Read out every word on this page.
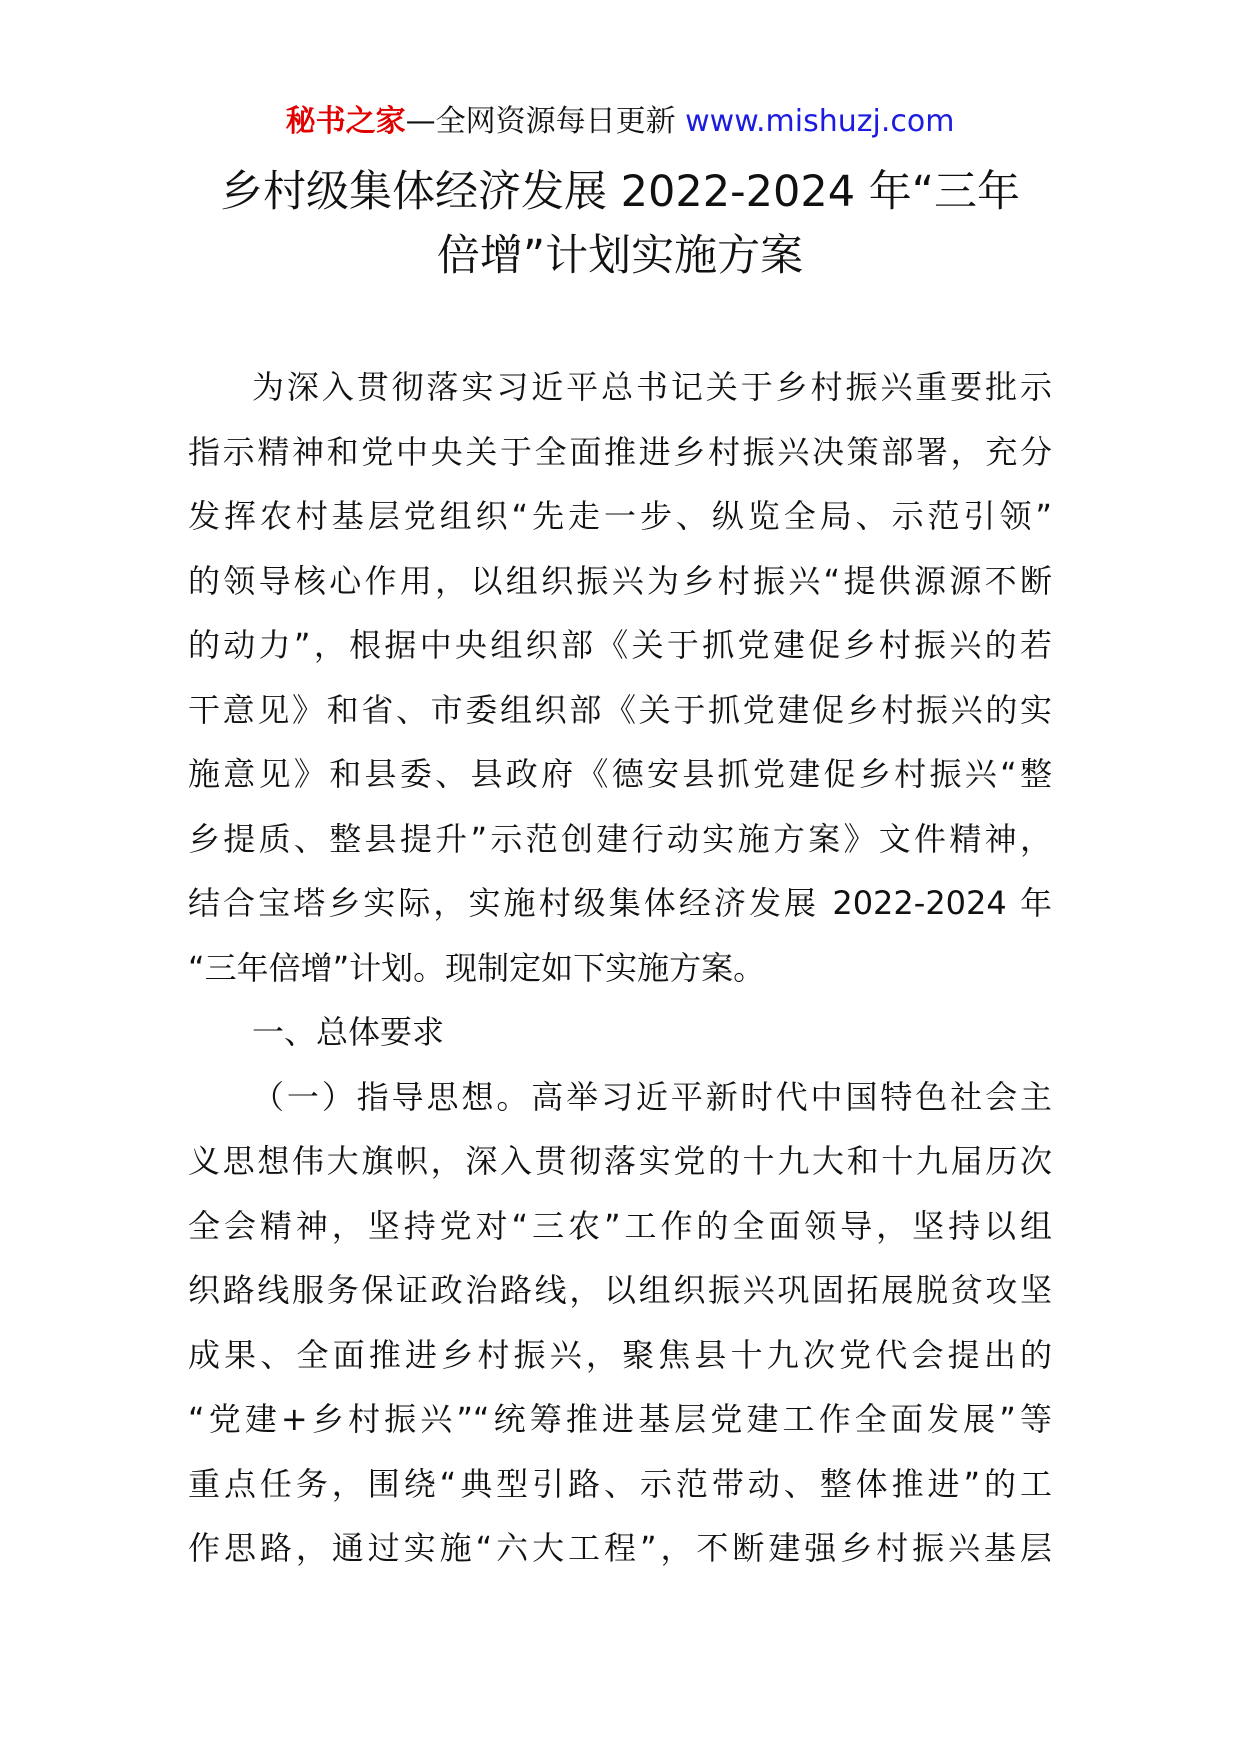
秘书之家—全网资源每日更新 www.mishuzj.com
乡村级集体经济发展 2022-2024 年“三年
倍增”计划实施方案
为深入贯彻落实习近平总书记关于乡村振兴重要批示
指示精神和党中央关于全面推进乡村振兴决策部署，充分
发挥农村基层党组织“先走一步、纵览全局、示范引领”
的领导核心作用，以组织振兴为乡村振兴“提供源源不断
的动力”，根据中央组织部《关于抓党建促乡村振兴的若
干意见》和省、市委组织部《关于抓党建促乡村振兴的实
施意见》和县委、县政府《德安县抓党建促乡村振兴“整
乡提质、整县提升”示范创建行动实施方案》文件精神，
结合宝塔乡实际，实施村级集体经济发展 2022-2024 年
“三年倍增”计划。现制定如下实施方案。
一、总体要求
（一）指导思想。高举习近平新时代中国特色社会主
义思想伟大旗帜，深入贯彻落实党的十九大和十九届历次
全会精神，坚持党对“三农”工作的全面领导，坚持以组
织路线服务保证政治路线，以组织振兴巩固拓展脱贫攻坚
成果、全面推进乡村振兴，聚焦县十九次党代会提出的
“党建+乡村振兴”“统筹推进基层党建工作全面发展”等
重点任务，围绕“典型引路、示范带动、整体推进”的工
作思路，通过实施“六大工程”，不断建强乡村振兴基层
